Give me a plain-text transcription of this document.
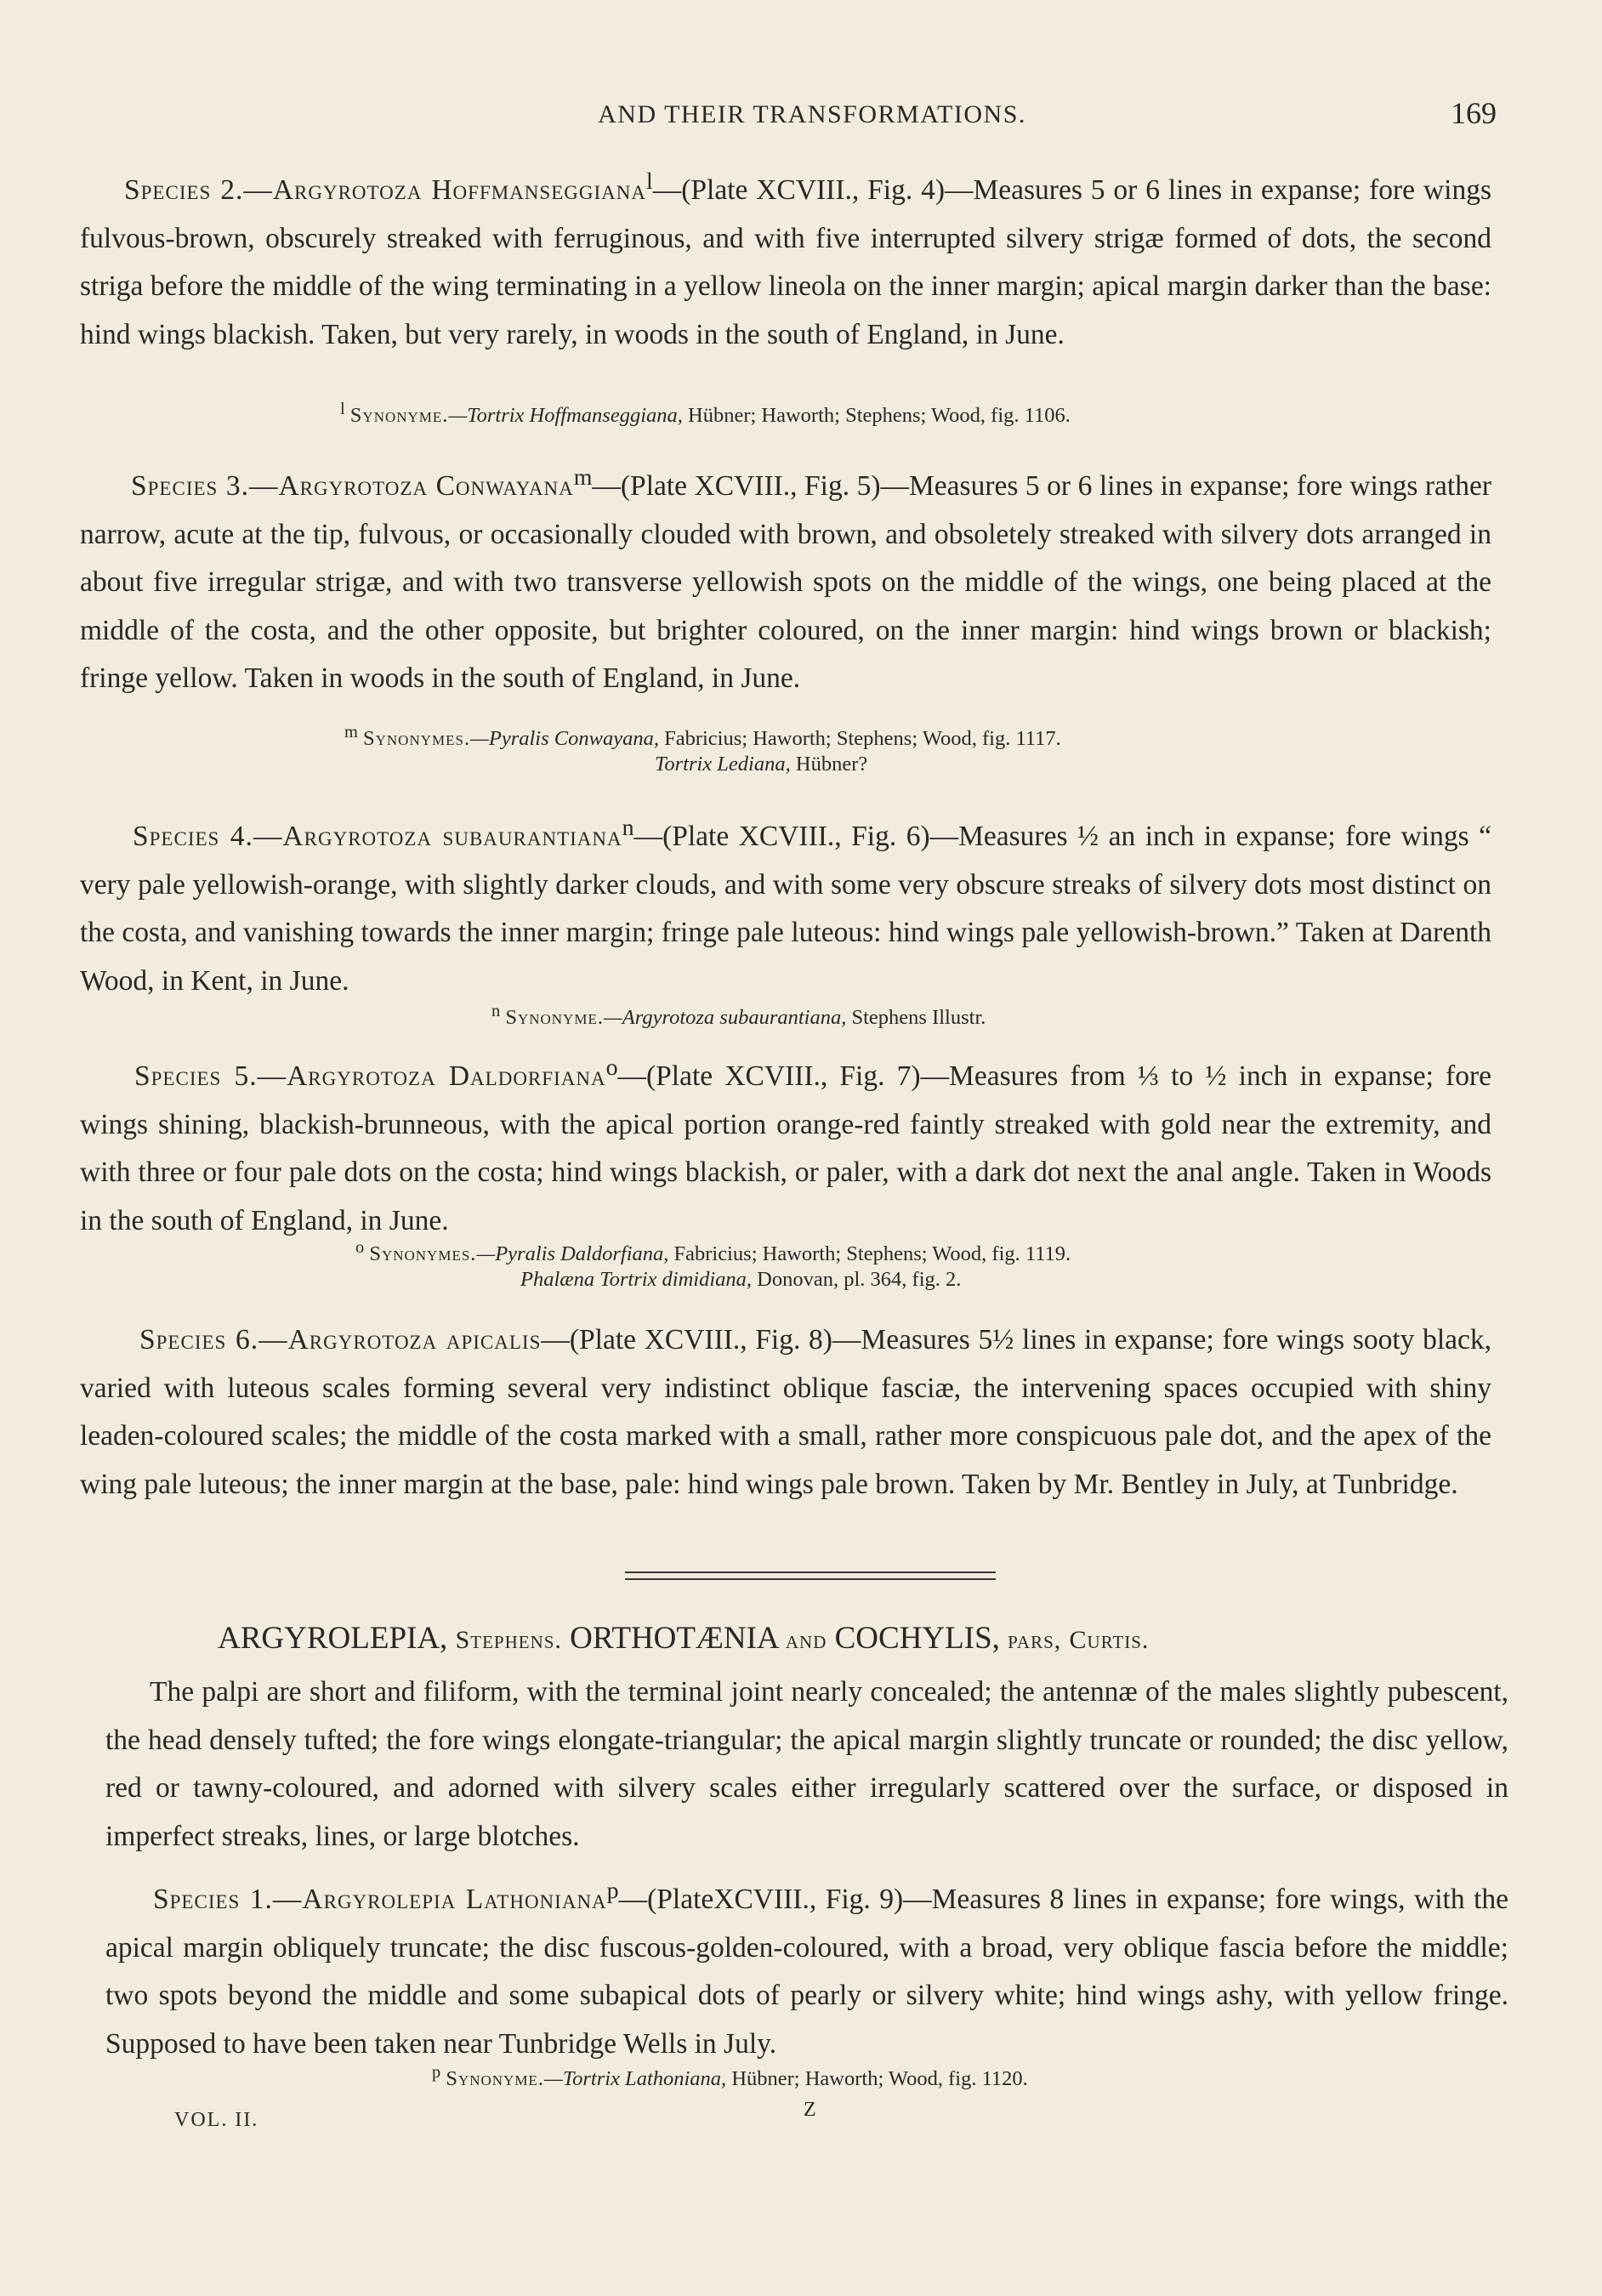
AND THEIR TRANSFORMATIONS.	169

Species 2.—Argyrotoza Hoffmanseggiana$^l$—(Plate XCVIII., Fig. 4)—Measures 5 or 6 lines in expanse; fore wings fulvous-brown, obscurely streaked with ferruginous, and with five interrupted silvery strigæ formed of dots, the second striga before the middle of the wing terminating in a yellow lineola on the inner margin; apical margin darker than the base: hind wings blackish. Taken, but very rarely, in woods in the south of England, in June.

$^l$ Synonyme.—Tortrix Hoffmanseggiana, Hübner; Haworth; Stephens; Wood, fig. 1106.

Species 3.—Argyrotoza Conwayana$^m$—(Plate XCVIII., Fig. 5)—Measures 5 or 6 lines in expanse; fore wings rather narrow, acute at the tip, fulvous, or occasionally clouded with brown, and obsoletely streaked with silvery dots arranged in about five irregular strigæ, and with two transverse yellowish spots on the middle of the wings, one being placed at the middle of the costa, and the other opposite, but brighter coloured, on the inner margin: hind wings brown or blackish; fringe yellow. Taken in woods in the south of England, in June.

$^m$ Synonymes.—Pyralis Conwayana, Fabricius; Haworth; Stephens; Wood, fig. 1117.

Tortrix Lediana, Hübner?

Species 4.—Argyrotoza subaurantiana$^n$—(Plate XCVIII., Fig. 6)—Measures ½ an inch in expanse; fore wings “ very pale yellowish-orange, with slightly darker clouds, and with some very obscure streaks of silvery dots most distinct on the costa, and vanishing towards the inner margin; fringe pale luteous: hind wings pale yellowish-brown.” Taken at Darenth Wood, in Kent, in June.

$^n$ Synonyme.—Argyrotoza subaurantiana, Stephens Illustr.

Species 5.—Argyrotoza Daldorfiana$^o$—(Plate XCVIII., Fig. 7)—Measures from ⅓ to ½ inch in expanse; fore wings shining, blackish-brunneous, with the apical portion orange-red faintly streaked with gold near the extremity, and with three or four pale dots on the costa; hind wings blackish, or paler, with a dark dot next the anal angle. Taken in Woods in the south of England, in June.

$^o$ Synonymes.—Pyralis Daldorfiana, Fabricius; Haworth; Stephens; Wood, fig. 1119.

Phalæna Tortrix dimidiana, Donovan, pl. 364, fig. 2.

Species 6.—Argyrotoza apicalis—(Plate XCVIII., Fig. 8)—Measures 5½ lines in expanse; fore wings sooty black, varied with luteous scales forming several very indistinct oblique fasciæ, the intervening spaces occupied with shiny leaden-coloured scales; the middle of the costa marked with a small, rather more conspicuous pale dot, and the apex of the wing pale luteous; the inner margin at the base, pale: hind wings pale brown. Taken by Mr. Bentley in July, at Tunbridge.

ARGYROLEPIA, Stephens. ORTHOTÆNIA and COCHYLIS, pars, Curtis.

The palpi are short and filiform, with the terminal joint nearly concealed; the antennæ of the males slightly pubescent, the head densely tufted; the fore wings elongate-triangular; the apical margin slightly truncate or rounded; the disc yellow, red or tawny-coloured, and adorned with silvery scales either irregularly scattered over the surface, or disposed in imperfect streaks, lines, or large blotches.

Species 1.—Argyrolepia Lathoniana$^p$—(PlateXCVIII., Fig. 9)—Measures 8 lines in expanse; fore wings, with the apical margin obliquely truncate; the disc fuscous-golden-coloured, with a broad, very oblique fascia before the middle; two spots beyond the middle and some subapical dots of pearly or silvery white; hind wings ashy, with yellow fringe. Supposed to have been taken near Tunbridge Wells in July.

$^p$ Synonyme.—Tortrix Lathoniana, Hübner; Haworth; Wood, fig. 1120.

VOL. II.	Z
